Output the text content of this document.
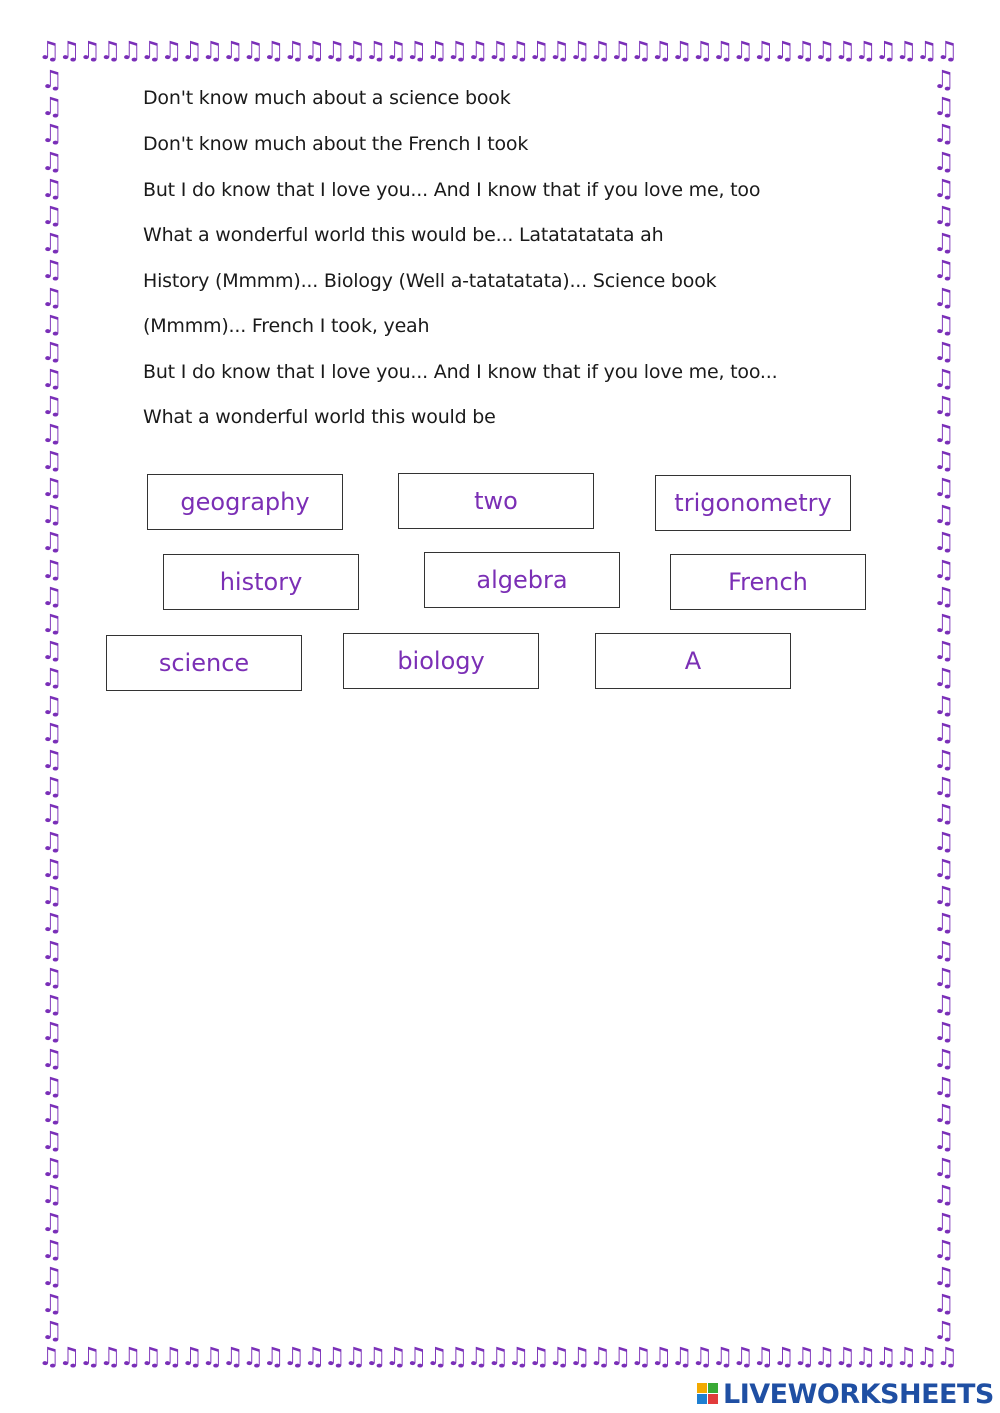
♫♫♫♫♫♫♫♫♫♫♫♫♫♫♫♫♫♫♫♫♫♫♫♫♫♫♫♫♫♫♫♫♫♫♫♫♫♫♫♫♫♫♫♫♫
♫♫♫♫♫♫♫♫♫♫♫♫♫♫♫♫♫♫♫♫♫♫♫♫♫♫♫♫♫♫♫♫♫♫♫♫♫♫♫♫♫♫♫♫♫
♫
♫
♫
♫
♫
♫
♫
♫
♫
♫
♫
♫
♫
♫
♫
♫
♫
♫
♫
♫
♫
♫
♫
♫
♫
♫
♫
♫
♫
♫
♫
♫
♫
♫
♫
♫
♫
♫
♫
♫
♫
♫
♫
♫
♫
♫
♫
♫
♫
♫
♫
♫
♫
♫
♫
♫
♫
♫
♫
♫
♫
♫
♫
♫
♫
♫
♫
♫
♫
♫
♫
♫
♫
♫
♫
♫
♫
♫
♫
♫
♫
♫
♫
♫
♫
♫
♫
♫
♫
♫
♫
♫
♫
♫
Don't know much about a science book
Don't know much about the French I took
But I do know that I love you... And I know that if you love me, too
What a wonderful world this would be... Latatatatata ah
History (Mmmm)... Biology (Well a-tatatatata)... Science book
(Mmmm)... French I took, yeah
But I do know that I love you... And I know that if you love me, too...
What a wonderful world this would be
geography	two	trigonometry
history	algebra	French
science	biology	A
LIVEWORKSHEETS
